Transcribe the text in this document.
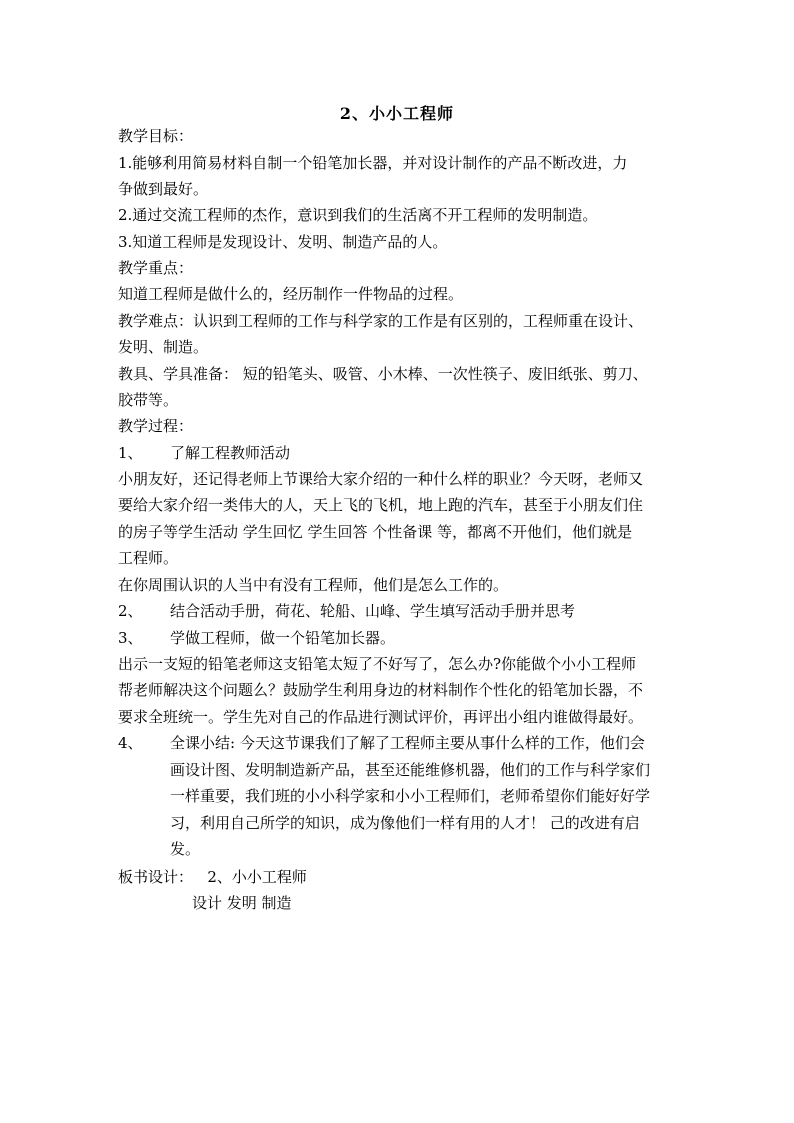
2、小小工程师
教学目标：
1.能够利用简易材料自制一个铅笔加长器，并对设计制作的产品不断改进，力
争做到最好。
2.通过交流工程师的杰作，意识到我们的生活离不开工程师的发明制造。
3.知道工程师是发现设计、发明、制造产品的人。
教学重点：
知道工程师是做什么的，经历制作一件物品的过程。
教学难点：认识到工程师的工作与科学家的工作是有区别的，工程师重在设计、
发明、制造。
教具、学具准备： 短的铅笔头、吸管、小木棒、一次性筷子、废旧纸张、剪刀、
胶带等。
教学过程：
1、 了解工程教师活动
小朋友好，还记得老师上节课给大家介绍的一种什么样的职业？今天呀，老师又
要给大家介绍一类伟大的人，天上飞的飞机，地上跑的汽车，甚至于小朋友们住
的房子等学生活动 学生回忆 学生回答 个性备课 等，都离不开他们，他们就是
工程师。
在你周围认识的人当中有没有工程师，他们是怎么工作的。
2、 结合活动手册，荷花、轮船、山峰、学生填写活动手册并思考
3、 学做工程师，做一个铅笔加长器。
出示一支短的铅笔老师这支铅笔太短了不好写了，怎么办?你能做个小小工程师
帮老师解决这个问题么？鼓励学生利用身边的材料制作个性化的铅笔加长器，不
要求全班统一。学生先对自己的作品进行测试评价，再评出小组内谁做得最好。
4、 全课小结: 今天这节课我们了解了工程师主要从事什么样的工作，他们会
画设计图、发明制造新产品，甚至还能维修机器，他们的工作与科学家们
一样重要，我们班的小小科学家和小小工程师们，老师希望你们能好好学
习，利用自己所学的知识，成为像他们一样有用的人才！ 己的改进有启
发。
板书设计： 2、小小工程师
设计 发明 制造
